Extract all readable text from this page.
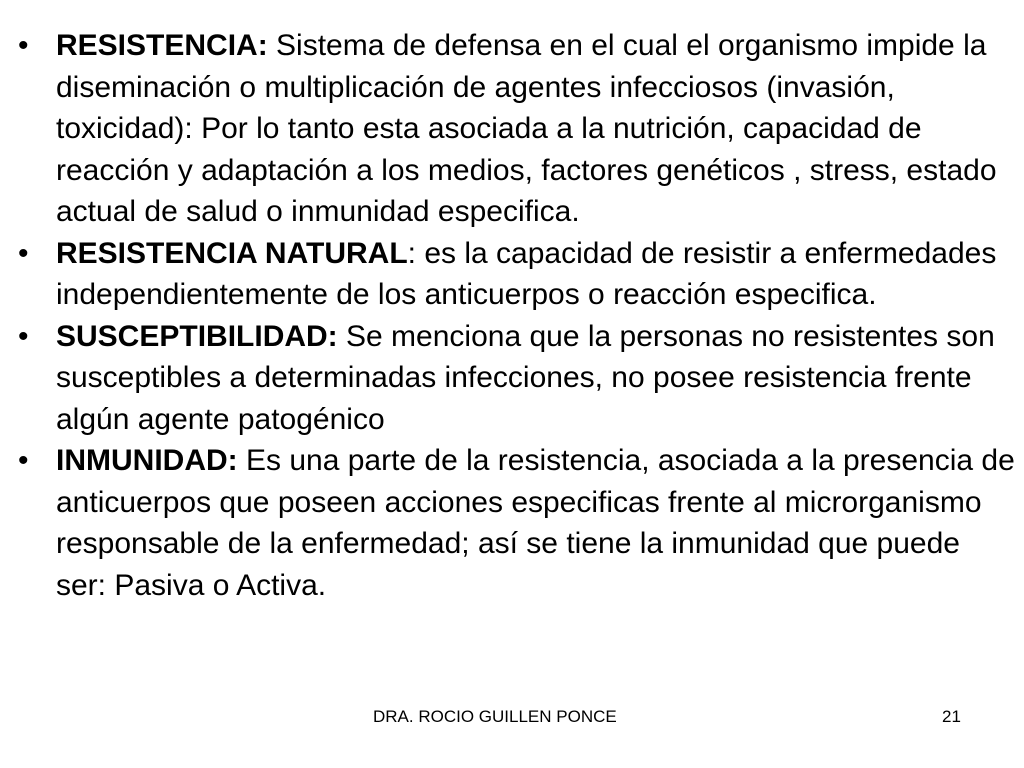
• RESISTENCIA: Sistema de defensa en el cual el organismo impide la diseminación o multiplicación de agentes infecciosos (invasión, toxicidad): Por lo tanto esta asociada a la nutrición, capacidad de reacción y adaptación a los medios, factores genéticos , stress, estado actual de salud o inmunidad especifica.
• RESISTENCIA NATURAL: es la capacidad de resistir a enfermedades independientemente de los anticuerpos o reacción especifica.
• SUSCEPTIBILIDAD: Se menciona que la personas no resistentes son susceptibles a determinadas infecciones, no posee resistencia frente algún agente patogénico
• INMUNIDAD: Es una parte de la resistencia, asociada a la presencia de anticuerpos que poseen acciones especificas frente al microrganismo responsable de la enfermedad; así se tiene la inmunidad que puede ser: Pasiva o Activa.
DRA. ROCIO GUILLEN PONCE	21
